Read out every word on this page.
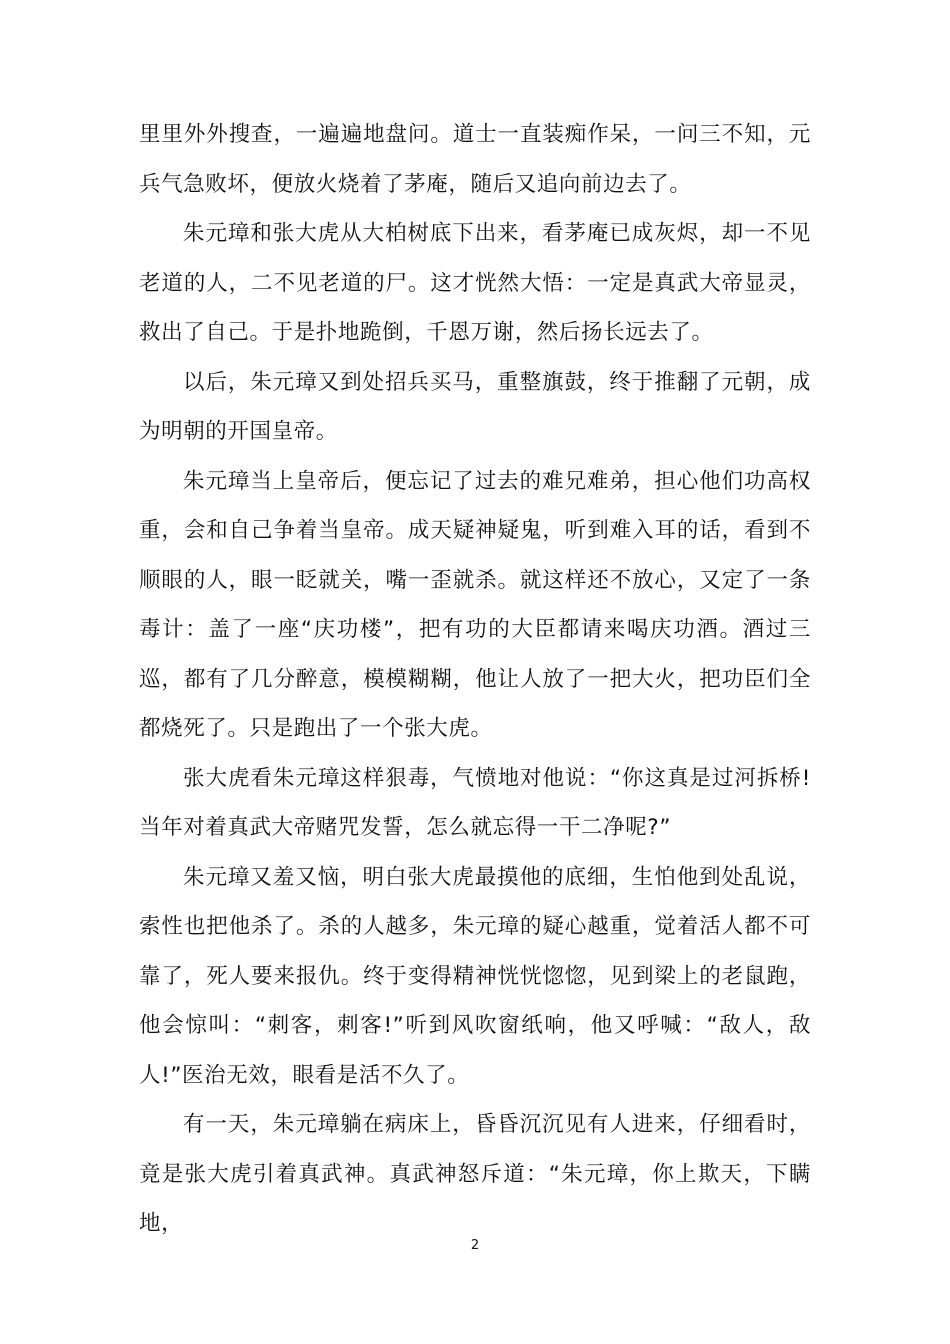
里里外外搜查，一遍遍地盘问。道士一直装痴作呆，一问三不知，元兵气急败坏，便放火烧着了茅庵，随后又追向前边去了。

朱元璋和张大虎从大柏树底下出来，看茅庵已成灰烬，却一不见老道的人，二不见老道的尸。这才恍然大悟：一定是真武大帝显灵，救出了自己。于是扑地跪倒，千恩万谢，然后扬长远去了。

以后，朱元璋又到处招兵买马，重整旗鼓，终于推翻了元朝，成为明朝的开国皇帝。

朱元璋当上皇帝后，便忘记了过去的难兄难弟，担心他们功高权重，会和自己争着当皇帝。成天疑神疑鬼，听到难入耳的话，看到不顺眼的人，眼一眨就关，嘴一歪就杀。就这样还不放心，又定了一条毒计：盖了一座“庆功楼”，把有功的大臣都请来喝庆功酒。酒过三巡，都有了几分醉意，模模糊糊，他让人放了一把大火，把功臣们全都烧死了。只是跑出了一个张大虎。

张大虎看朱元璋这样狠毒，气愤地对他说：“你这真是过河拆桥!当年对着真武大帝赌咒发誓，怎么就忘得一干二净呢?”

朱元璋又羞又恼，明白张大虎最摸他的底细，生怕他到处乱说，索性也把他杀了。杀的人越多，朱元璋的疑心越重，觉着活人都不可靠了，死人要来报仇。终于变得精神恍恍惚惚，见到梁上的老鼠跑，他会惊叫：“刺客，刺客!”听到风吹窗纸响，他又呼喊：“敌人，敌人!”医治无效，眼看是活不久了。

有一天，朱元璋躺在病床上，昏昏沉沉见有人进来，仔细看时，竟是张大虎引着真武神。真武神怒斥道：“朱元璋，你上欺天，下瞒地，

2
